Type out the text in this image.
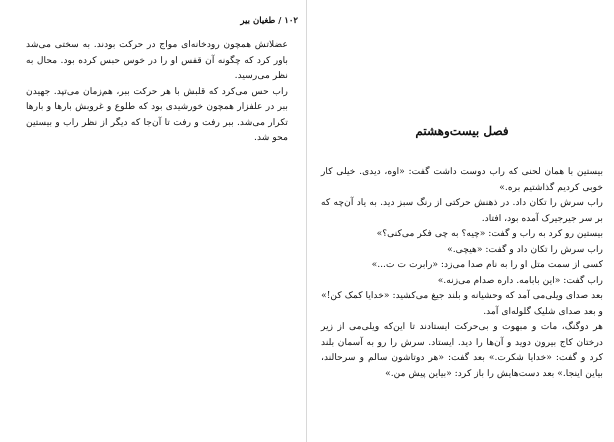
۱۰۲ / طغیان بیر

عضلاتش همچون رودخانه‌ای مواج در حرکت بودند. به سختی می‌شد باور کرد که چگونه آن قفس او را در خوس حبس کرده بود. محال به نظر می‌رسید.

راب حس می‌کرد که قلبش با هر حرکت ببر، هم‌زمان می‌تپد. جهیدن ببر در علفزار همچون خورشیدی بود که طلوع و غروبش بارها و بارها تکرار می‌شد. ببر رفت و رفت تا آن‌جا که دیگر از نظر راب و بیستین محو شد.	فصل بیست‌وهشتم

بیستین با همان لحنی که راب دوست داشت گفت: «اوه، دیدی. خیلی کار خوبی کردیم گذاشتیم بره.»

راب سرش را تکان داد. در ذهنش حرکتی از رنگ سبز دید. به یاد آن‌چه که بر سر جیرجیرک آمده بود، افتاد.

بیستین رو کرد به راب و گفت: «چیه؟ به چی فکر می‌کنی؟»

راب سرش را تکان داد و گفت: «هیچی.»

کسی از سمت متل او را به نام صدا می‌زد: «رابرت ت ت...»

راب گفت: «این بابامه. داره صدام می‌زنه.»

بعد صدای ویلی‌می آمد که وحشیانه و بلند جیغ می‌کشید: «خدایا کمک کن!»

و بعد صدای شلیک گلوله‌ای آمد.

هر دوگنگ، مات و مبهوت و بی‌حرکت ایستادند تا این‌که ویلی‌می از زیر درختان کاج بیرون دوید و آن‌ها را دید. ایستاد. سرش را رو به آسمان بلند کرد و گفت: «خدایا شکرت.» بعد گفت: «هر دوتاشون سالم و سرحالند، بیاین اینجا.» بعد دست‌هایش را باز کرد: «بیاین پیش من.»
